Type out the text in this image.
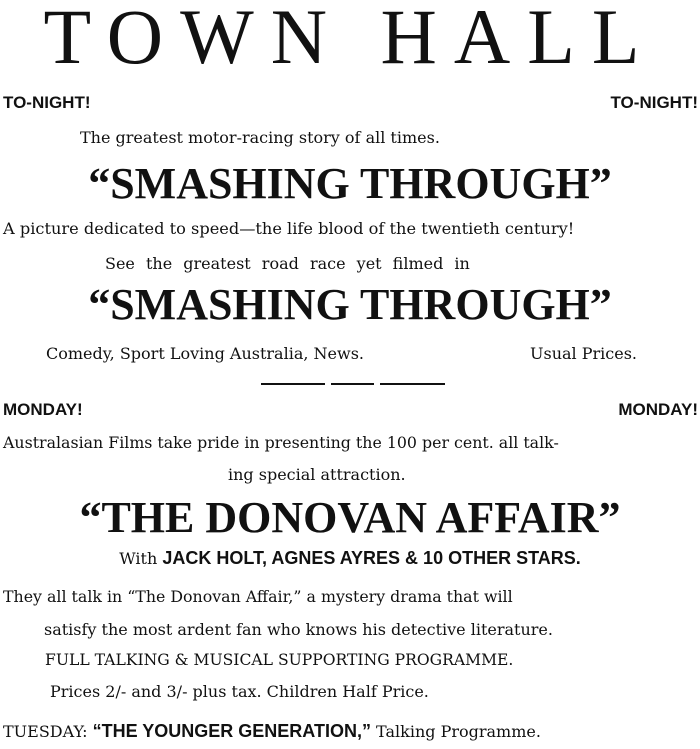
TOWN HALL
TO-NIGHT!	TO-NIGHT!
The greatest motor-racing story of all times.
“SMASHING THROUGH”
A picture dedicated to speed—the life blood of the twentieth century!
See the greatest road race yet filmed in
“SMASHING THROUGH”
Comedy, Sport Loving Australia, News.	Usual Prices.
MONDAY!	MONDAY!
Australasian Films take pride in presenting the 100 per cent. all talk-
ing special attraction.
“THE DONOVAN AFFAIR”
With JACK HOLT, AGNES AYRES & 10 OTHER STARS.
They all talk in “The Donovan Affair,” a mystery drama that will
satisfy the most ardent fan who knows his detective literature.
FULL TALKING & MUSICAL SUPPORTING PROGRAMME.
Prices 2/- and 3/- plus tax. Children Half Price.
TUESDAY: “THE YOUNGER GENERATION,” Talking Programme.
